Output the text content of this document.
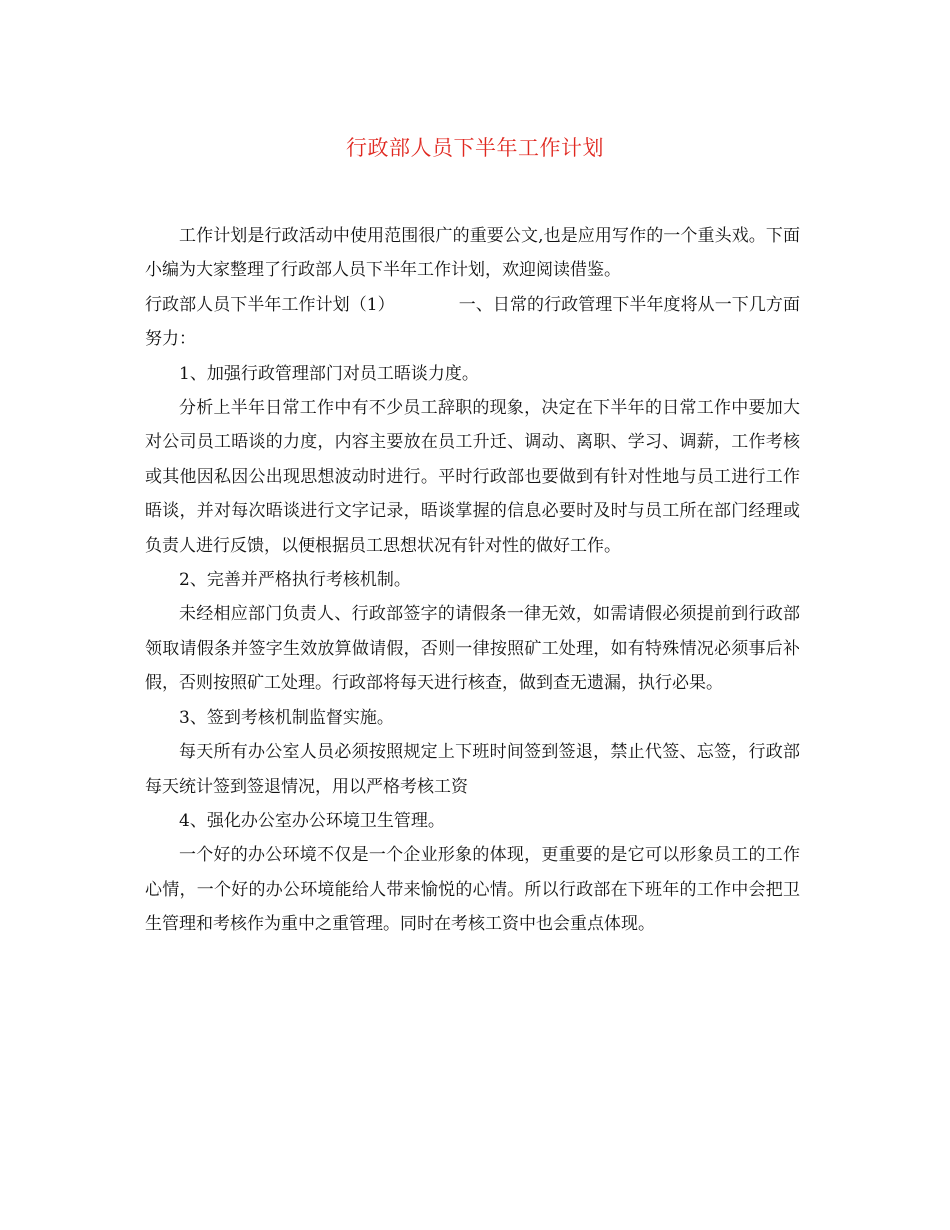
行政部人员下半年工作计划

工作计划是行政活动中使用范围很广的重要公文,也是应用写作的一个重头戏。下面小编为大家整理了行政部人员下半年工作计划，欢迎阅读借鉴。

行政部人员下半年工作计划（1）	一、日常的行政管理下半年度将从一下几方面努力：

1、加强行政管理部门对员工晤谈力度。

分析上半年日常工作中有不少员工辞职的现象，决定在下半年的日常工作中要加大对公司员工晤谈的力度，内容主要放在员工升迁、调动、离职、学习、调薪，工作考核或其他因私因公出现思想波动时进行。平时行政部也要做到有针对性地与员工进行工作晤谈，并对每次晤谈进行文字记录，晤谈掌握的信息必要时及时与员工所在部门经理或负责人进行反馈，以便根据员工思想状况有针对性的做好工作。

2、完善并严格执行考核机制。

未经相应部门负责人、行政部签字的请假条一律无效，如需请假必须提前到行政部领取请假条并签字生效放算做请假，否则一律按照矿工处理，如有特殊情况必须事后补假，否则按照矿工处理。行政部将每天进行核查，做到查无遗漏，执行必果。

3、签到考核机制监督实施。

每天所有办公室人员必须按照规定上下班时间签到签退，禁止代签、忘签，行政部每天统计签到签退情况，用以严格考核工资

4、强化办公室办公环境卫生管理。

一个好的办公环境不仅是一个企业形象的体现，更重要的是它可以形象员工的工作心情，一个好的办公环境能给人带来愉悦的心情。所以行政部在下班年的工作中会把卫生管理和考核作为重中之重管理。同时在考核工资中也会重点体现。
